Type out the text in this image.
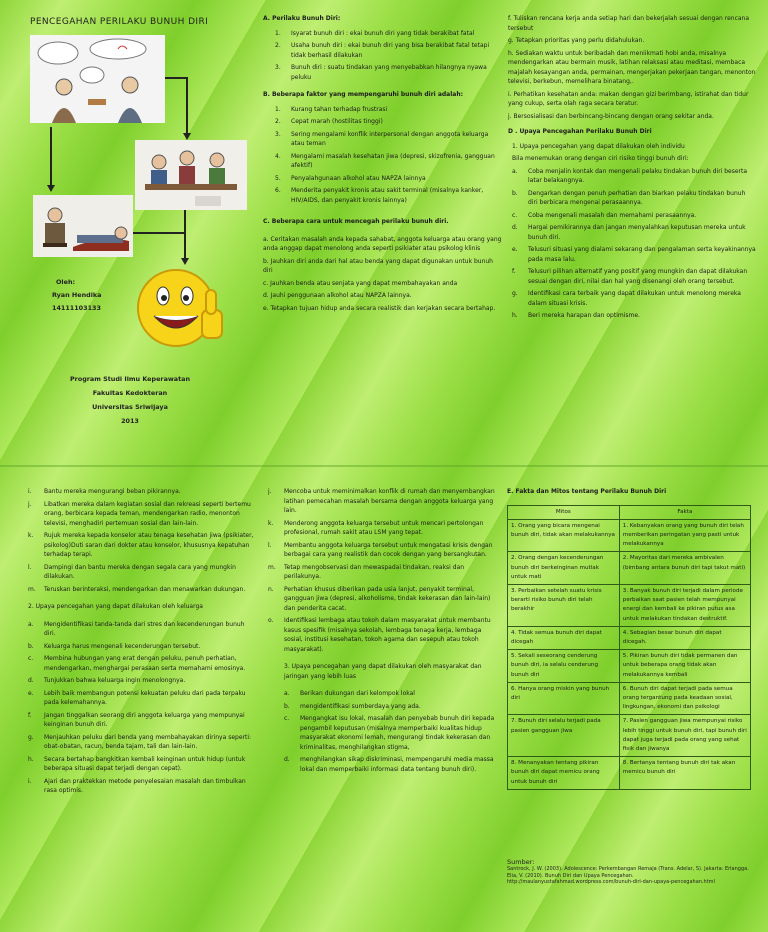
PENCEGAHAN PERILAKU BUNUH DIRI
Oleh:
Ryan Hendika
14111103133
Program Studi Ilmu Keperawatan
Fakultas Kedokteran
Universitas Sriwijaya
2013
A. Perilaku Bunuh Diri:
1. Isyarat bunuh diri : ekai bunuh diri yang tidak berakibat fatal
2. Usaha bunuh diri : ekai bunuh diri yang bisa berakibat fatal tetapi tidak berhasil dilakukan
3. Bunuh diri : suatu tindakan yang menyebabkan hilangnya nyawa peluku
B. Beberapa faktor yang mempengaruhi bunuh diri adalah:
1. Kurang tahan terhadap frustrasi
2. Cepat marah (hostilitas tinggi)
3. Sering mengalami konflik interpersonal dengan anggota keluarga atau teman
4. Mengalami masalah kesehatan jiwa (depresi, skizofrenia, gangguan afektif)
5. Penyalahgunaan alkohol atau NAPZA lainnya
6. Menderita penyakit kronis atau sakit terminal (misalnya kanker, HIV/AIDS, dan penyakit kronis lainnya)
C. Beberapa cara untuk mencegah perilaku bunuh diri.

a. Ceritakan masalah anda kepada sahabat, anggota keluarga atau orang yang anda anggap dapat menolong anda seperti psikiater atau psikolog klinis

b. Jauhkan diri anda dari hal atau benda yang dapat digunakan untuk bunuh diri

c. Jauhkan benda atau senjata yang dapat membahayakan anda

d. Jauhi penggunaan alkohol atau NAPZA lainnya.

e. Tetapkan tujuan hidup anda secara realistik dan kerjakan secara bertahap.

f. Tuliskan rencana kerja anda setiap hari dan bekerjalah sesuai dengan rencana tersebut

g. Tetapkan prioritas yang perlu didahulukan.

h. Sediakan waktu untuk beribadah dan meniikmati hobi anda, misalnya mendengarkan atau bermain musik, latihan relaksasi atau meditasi, membaca majalah kesayangan anda, permainan, mengerjakan pekerjaan tangan, menonton televisi, berkebun, memelihara binatang,.

i. Perhatikan kesehatan anda: makan dengan gizi berimbang, istirahat dan tidur yang cukup, serta olah raga secara teratur.

j. Bersosialisasi dan berbincang-bincang dengan orang sekitar anda.

D . Upaya Pencegahan Perilaku Bunuh Diri

1. Upaya pencegahan yang dapat dilakukan oleh individu

Bila menemukan orang dengan ciri risiko tinggi bunuh diri:

a. Coba menjalin kontak dan mengenali pelaku tindakan bunuh diri beserta latar belakangnya.
b. Dengarkan dengan penuh perhatian dan biarkan pelaku tindakan bunuh diri berbicara mengenai perasaannya.
c. Coba mengenali masalah dan memahami perasaannya.
d. Hargai pemikirannya dan jangan menyalahkan keputusan mereka untuk bunuh diri.
e. Telusuri situasi yang dialami sekarang dan pengalaman serta keyakinannya pada masa lalu.
f. Telusuri pilihan alternatif yang positif yang mungkin dan dapat dilakukan sesuai dengan diri, nilai dan hal yang disenangi oleh orang tersebut.
g. Identifikasi cara terbaik yang dapat dilakukan untuk menolong mereka dalam situasi krisis.
h. Beri mereka harapan dan optimisme.
i. Bantu mereka mengurangi beban pikirannya.
j. Libatkan mereka dalam kegiatan sosial dan rekreasi seperti bertemu orang, berbicara kepada teman, mendengarkan radio, menonton televisi, menghadiri pertemuan sosial dan lain-lain.
k. Rujuk mereka kepada konselor atau tenaga kesehatan jiwa (psikiater, psikolog)Duti saran dari dokter atau konselor, khususnya kepatuhan terhadap terapi.
l. Dampingi dan bantu mereka dengan segala cara yang mungkin dilakukan.
m. Teruskan berinteraksi, mendengarkan dan menawarkan dukungan.

2. Upaya pencegahan yang dapat dilakukan oleh keluarga

a. Mengidentifikasi tanda-tanda dari stres dan kecenderungan bunuh diri.
b. Keluarga harus mengenali kecenderungan tersebut.
c. Membina hubungan yang erat dengan peluku, penuh perhatian, mendengarkan, menghargai perasaan serta memahami emosinya.
d. Tunjukkan bahwa keluarga ingin menolongnya.
e. Lebih baik membangun potensi kekuatan peluku dari pada terpaku pada kelemahannya.
f. Jangan tinggalkan seorang diri anggota keluarga yang mempunyai keinginan bunuh diri.
g. Menjauhkan peluku dari benda yang membahayakan dirinya seperti: obat-obatan, racun, benda tajam, tali dan lain-lain.
h. Secara bertahap bangkitkan kembali keinginan untuk hidup (untuk beberapa situasi dapat terjadi dengan cepat).
i. Ajari dan praktekkan metode penyelesaian masalah dan timbulkan rasa optimis.
j. Mencoba untuk meminimalkan konflik di rumah dan menyembangkan latihan pemecahan masalah bersama dengan anggota keluarga yang lain.
k. Menderong anggota keluarga tersebut untuk mencari pertolongan profesional, rumah sakit atau LSM yang tepat.
l. Membantu anggota keluarga tersebut untuk mengatasi krisis dengan berbagai cara yang realistik dan cocok dengan yang bersangkutan.
m. Tetap mengobservasi dan mewaspadai tindakan, reaksi dan perilakunya.
n. Perhatian khusus diberikan pada usia lanjut, penyakit terminal, gangguan jiwa (depresi, alkoholisme, tindak kekerasan dan lain-lain) dan penderita cacat.
o. Identifikasi lembaga atau tokoh dalam masyarakat untuk membantu kasus spesifik (misalnya sekolah, lembaga tenaga kerja, lembaga sosial, institusi kesehatan, tokoh agama dan sesepuh atau tokoh masyarakat).

3. Upaya pencegahan yang dapat dilakukan oleh masyarakat dan jaringan yang lebih luas

a. Berikan dukungan dari kelompok lokal
b. mengidentifikasi sumberdaya yang ada.
c. Mengangkat isu lokal, masalah dan penyebab bunuh diri kepada pengambil keputusan (misalnya memperbaiki kualitas hidup masyarakat ekonomi lemah, mengurangi tindak kekerasan dan kriminalitas, menghilangkan stigma,
d. menghilangkan sikap diskriminasi, mempengaruhi media massa lokal dan memperbaiki informasi data tentang bunuh diri).
E. Fakta dan Mitos tentang Perilaku Bunuh Diri
Mitos	Fakta
1. Orang yang bicara mengenai bunuh diri, tidak akan melakukannya	1. Kebanyakan orang yang bunuh diri telah memberikan peringatan yang pasti untuk melakukannya
2. Orang dengan kecenderungan bunuh diri berkeinginan mutlak untuk mati	2. Mayoritas dari mereka ambivalen (bimbang antara bunuh diri tapi takut mati)
3. Perbaikan setelah suatu krisis berarti risiko bunuh diri telah berakhir	3. Banyak bunuh diri terjadi dalam periode perbaikan saat pasien telah mempunyai energi dan kembali ke pikiran putus asa untuk melakukan tindakan destruktif.
4. Tidak semua bunuh diri dapat dicegah	4. Sebagian besar bunuh diri dapat dicegah.
5. Sekali seseorang cenderung bunuh diri, ia selalu cenderung bunuh diri	5. Pikiran bunuh diri tidak permanen dan untuk beberapa orang tidak akan melakukannya kembali
6. Hanya orang miskin yang bunuh diri	6. Bunuh diri dapat terjadi pada semua orang tergantung pada keadaan sosial, lingkungan, ekonomi dan psikologi
7. Bunuh diri selalu terjadi pada pasien gangguan jiwa	7. Pasien gangguan jiwa mempunyai risiko lebih tinggi untuk bunuh diri, tapi bunuh diri dapat juga terjadi pada orang yang sehat fisik dan jiwanya
8. Menanyakan tentang pikiran bunuh diri dapat memicu orang untuk bunuh diri	8. Bertanya tentang bunuh diri tak akan memicu bunuh diri
Sumber:
Santrock, J. W. (2003). Adolescence: Perkembangan Remaja (Trans. Adelar, S). Jakarta: Erlangga. Elia, V. (2010). Bunuh Diri dan Upaya Pencegahan. http://maulanyustafahmad.wordpress.com/bunuh-diri-dan-upaya-pencegahan.html
